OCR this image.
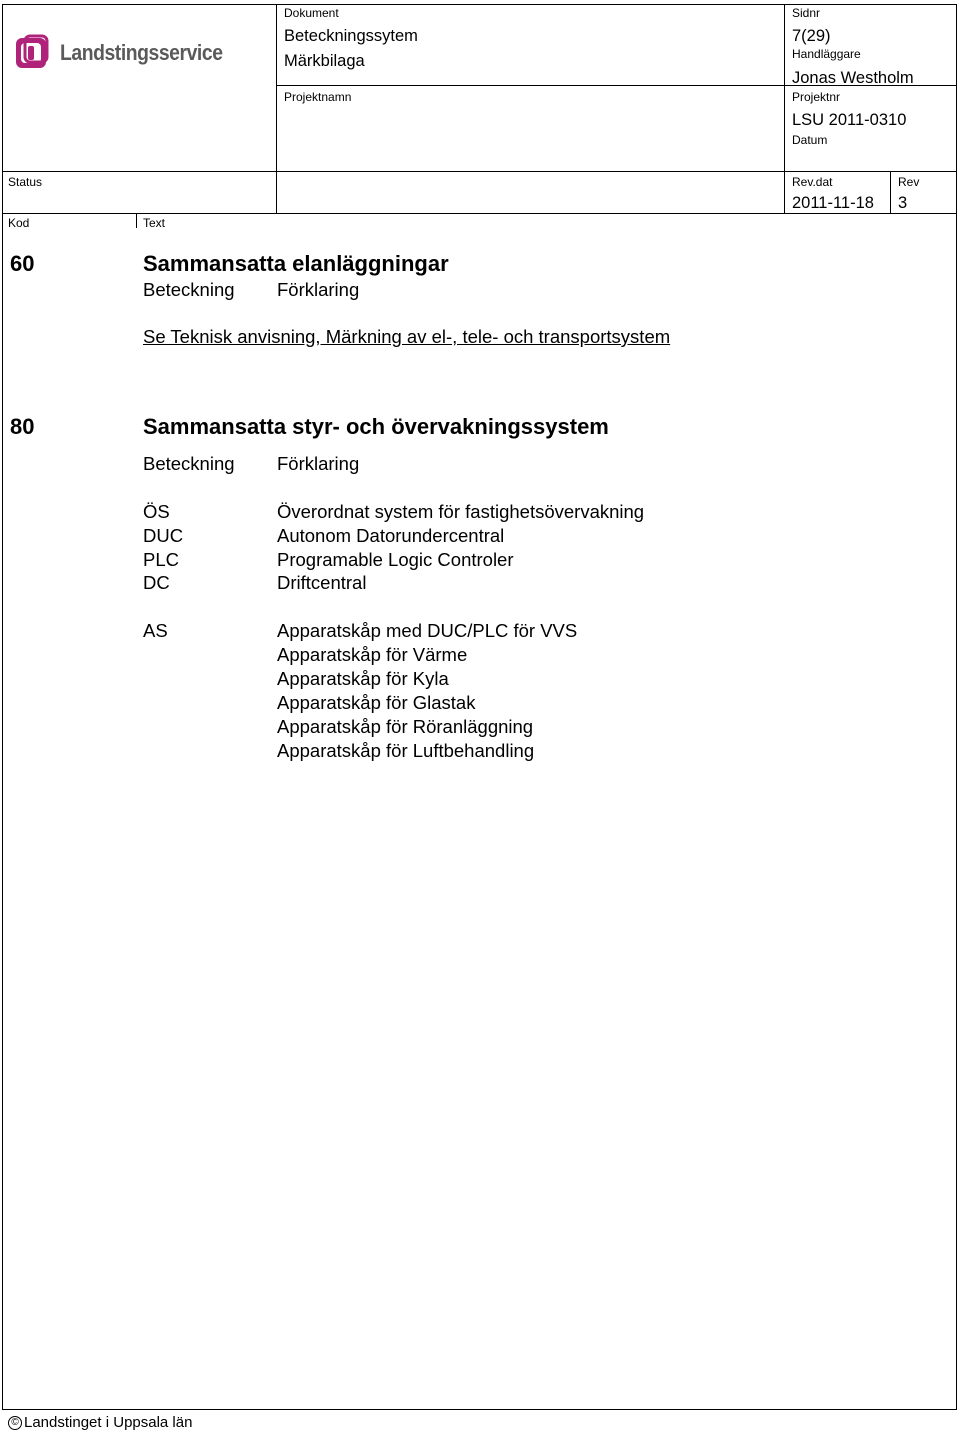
Landstingsservice
Dokument
Beteckningssytem
Märkbilaga
Sidnr
7(29)
Handläggare
Jonas Westholm
Projektnamn	Projektnr
LSU 2011-0310
Datum
Status	Rev.dat
2011-11-18
Rev
3
Kod	Text
60	Sammansatta elanläggningar
Beteckning Förklaring
Se Teknisk anvisning, Märkning av el-, tele- och transportsystem
80	Sammansatta styr- och övervakningssystem
Beteckning Förklaring
ÖS	Överordnat system för fastighetsövervakning
DUC	Autonom Datorundercentral
PLC	Programable Logic Controler
DC	Driftcentral
AS	Apparatskåp med DUC/PLC för VVS
Apparatskåp för Värme
Apparatskåp för Kyla
Apparatskåp för Glastak
Apparatskåp för Röranläggning
Apparatskåp för Luftbehandling
© Landstinget i Uppsala län
